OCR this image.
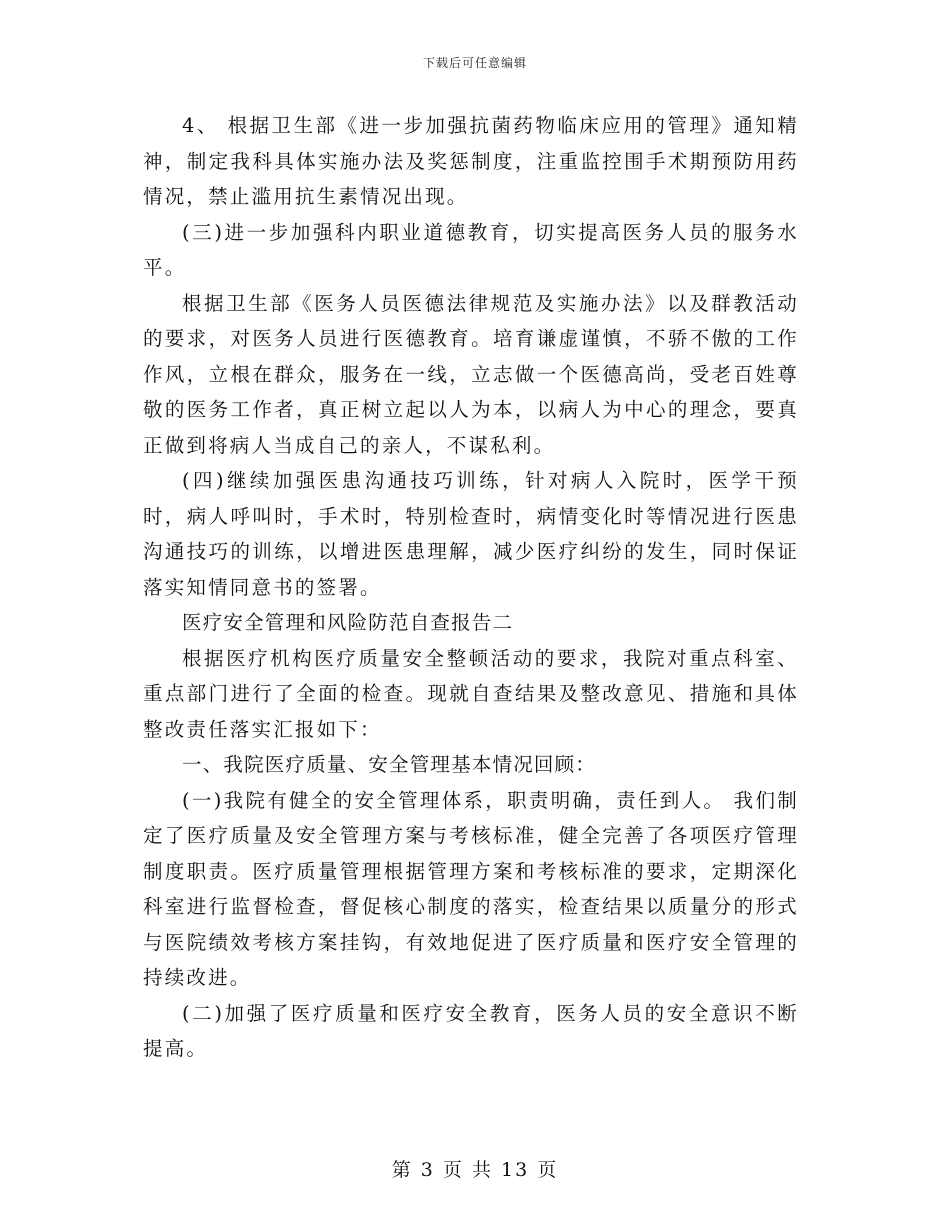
下载后可任意编辑

4、 根据卫生部《进一步加强抗菌药物临床应用的管理》通知精神，制定我科具体实施办法及奖惩制度，注重监控围手术期预防用药情况，禁止滥用抗生素情况出现。

(三)进一步加强科内职业道德教育，切实提高医务人员的服务水平。

根据卫生部《医务人员医德法律规范及实施办法》以及群教活动的要求，对医务人员进行医德教育。培育谦虚谨慎，不骄不傲的工作作风，立根在群众，服务在一线，立志做一个医德高尚，受老百姓尊敬的医务工作者，真正树立起以人为本，以病人为中心的理念，要真正做到将病人当成自己的亲人，不谋私利。

(四)继续加强医患沟通技巧训练，针对病人入院时，医学干预时，病人呼叫时，手术时，特别检查时，病情变化时等情况进行医患沟通技巧的训练，以增进医患理解，减少医疗纠纷的发生，同时保证落实知情同意书的签署。

医疗安全管理和风险防范自查报告二

根据医疗机构医疗质量安全整顿活动的要求，我院对重点科室、重点部门进行了全面的检查。现就自查结果及整改意见、措施和具体整改责任落实汇报如下：

一、我院医疗质量、安全管理基本情况回顾：

(一)我院有健全的安全管理体系，职责明确，责任到人。 我们制定了医疗质量及安全管理方案与考核标准，健全完善了各项医疗管理制度职责。医疗质量管理根据管理方案和考核标准的要求，定期深化科室进行监督检查，督促核心制度的落实，检查结果以质量分的形式与医院绩效考核方案挂钩，有效地促进了医疗质量和医疗安全管理的持续改进。

(二)加强了医疗质量和医疗安全教育，医务人员的安全意识不断提高。

第 3 页 共 13 页
